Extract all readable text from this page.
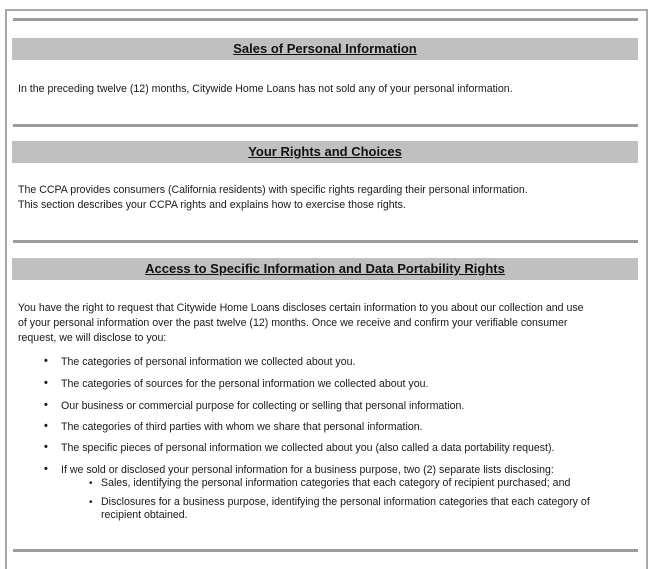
Sales of Personal Information
In the preceding twelve (12) months, Citywide Home Loans has not sold any of your personal information.
Your Rights and Choices
The CCPA provides consumers (California residents) with specific rights regarding their personal information.
This section describes your CCPA rights and explains how to exercise those rights.
Access to Specific Information and Data Portability Rights
You have the right to request that Citywide Home Loans discloses certain information to you about our collection and use
of your personal information over the past twelve (12) months. Once we receive and confirm your verifiable consumer
request, we will disclose to you:
• The categories of personal information we collected about you.
• The categories of sources for the personal information we collected about you.
• Our business or commercial purpose for collecting or selling that personal information.
• The categories of third parties with whom we share that personal information.
• The specific pieces of personal information we collected about you (also called a data portability request).
• If we sold or disclosed your personal information for a business purpose, two (2) separate lists disclosing:
• Sales, identifying the personal information categories that each category of recipient purchased; and
• Disclosures for a business purpose, identifying the personal information categories that each category of recipient obtained.
